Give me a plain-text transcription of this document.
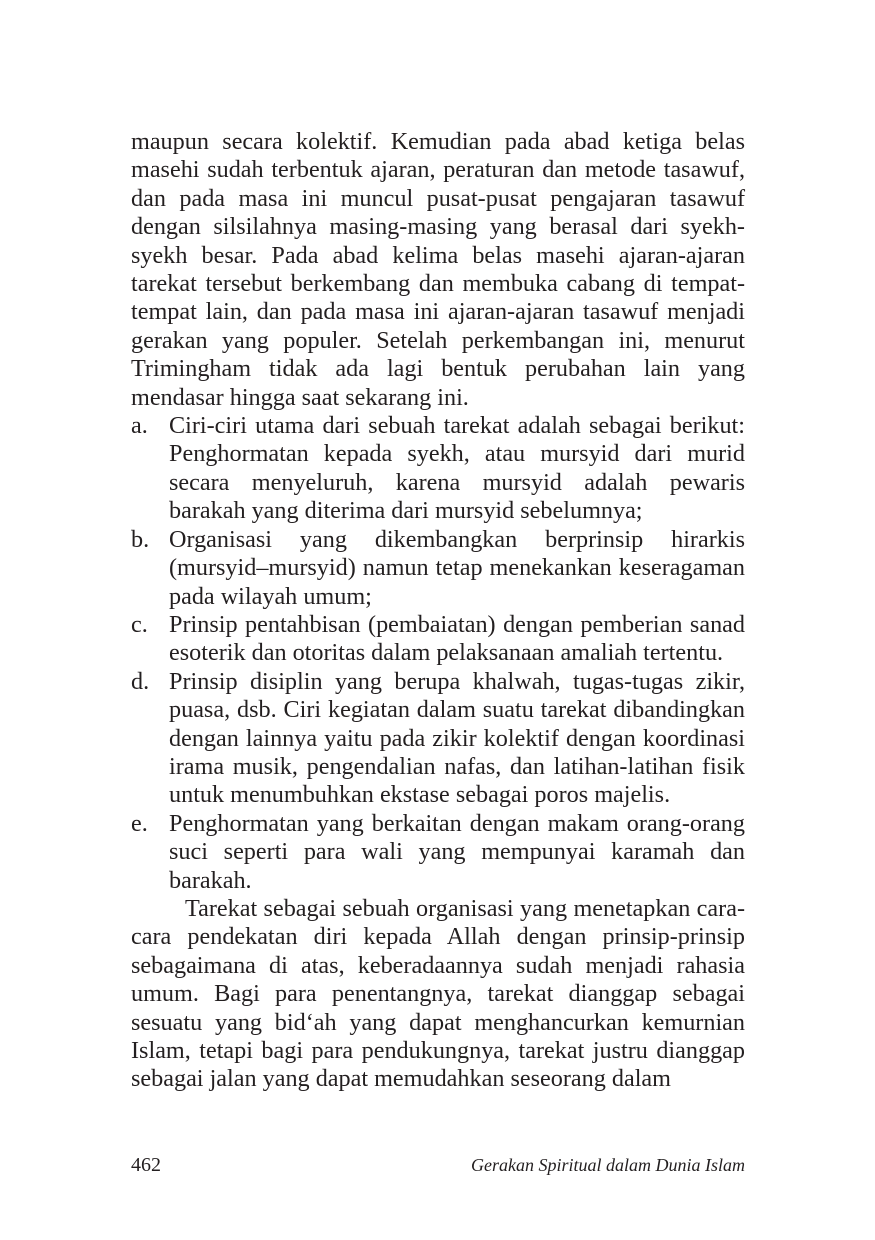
maupun secara kolektif. Kemudian pada abad ketiga belas masehi sudah terbentuk ajaran, peraturan dan metode tasawuf, dan pada masa ini muncul pusat-pusat pengajaran tasawuf dengan silsilahnya masing-masing yang berasal dari syekh-syekh besar. Pada abad kelima belas masehi ajaran-ajaran tarekat tersebut berkembang dan membuka cabang di tempat-tempat lain, dan pada masa ini ajaran-ajaran tasawuf menjadi gerakan yang populer. Setelah perkembangan ini, menurut Trimingham tidak ada lagi bentuk perubahan lain yang mendasar hingga saat sekarang ini.

a. Ciri-ciri utama dari sebuah tarekat adalah sebagai berikut: Penghormatan kepada syekh, atau mursyid dari murid secara menyeluruh, karena mursyid adalah pewaris barakah yang diterima dari mursyid sebelumnya;
b. Organisasi yang dikembangkan berprinsip hirarkis (mursyid–mursyid) namun tetap menekankan keseragaman pada wilayah umum;
c. Prinsip pentahbisan (pembaiatan) dengan pemberian sanad esoterik dan otoritas dalam pelaksanaan amaliah tertentu.
d. Prinsip disiplin yang berupa khalwah, tugas-tugas zikir, puasa, dsb. Ciri kegiatan dalam suatu tarekat dibandingkan dengan lainnya yaitu pada zikir kolektif dengan koordinasi irama musik, pengendalian nafas, dan latihan-latihan fisik untuk menumbuhkan ekstase sebagai poros majelis.
e. Penghormatan yang berkaitan dengan makam orang-orang suci seperti para wali yang mempunyai karamah dan barakah.

Tarekat sebagai sebuah organisasi yang menetapkan cara-cara pendekatan diri kepada Allah dengan prinsip-prinsip sebagaimana di atas, keberadaannya sudah menjadi rahasia umum. Bagi para penentangnya, tarekat dianggap sebagai sesuatu yang bid‘ah yang dapat menghancurkan kemurnian Islam, tetapi bagi para pendukungnya, tarekat justru dianggap sebagai jalan yang dapat memudahkan seseorang dalam

462	Gerakan Spiritual dalam Dunia Islam
